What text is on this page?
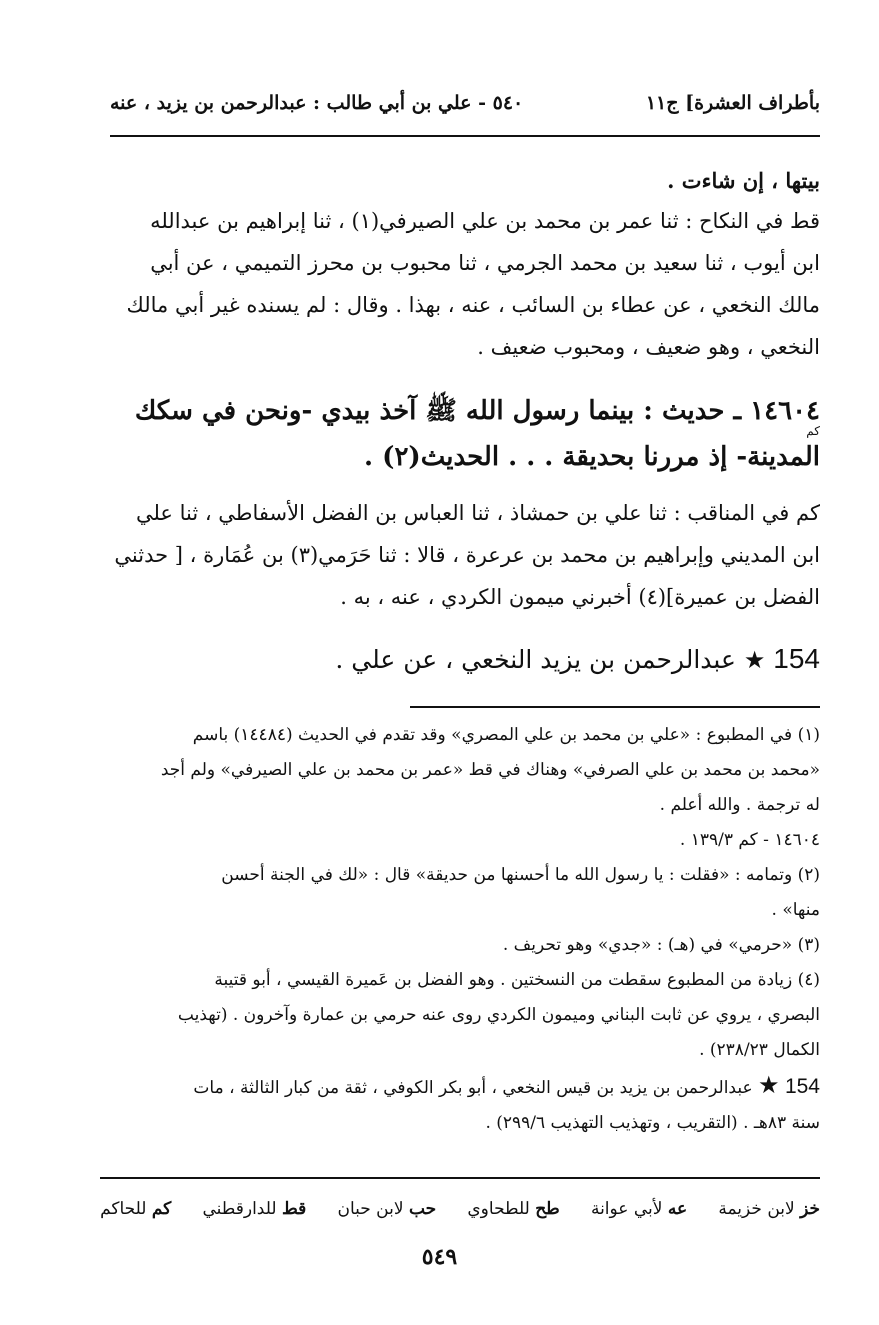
بأطراف العشرة] ج١١
٥٤٠ - علي بن أبي طالب : عبدالرحمن بن يزيد ، عنه
بيتها ، إن شاءت .
قط في النكاح : ثنا عمر بن محمد بن علي الصيرفي(١) ، ثنا إبراهيم بن عبدالله
ابن أيوب ، ثنا سعيد بن محمد الجرمي ، ثنا محبوب بن محرز التميمي ، عن أبي
مالك النخعي ، عن عطاء بن السائب ، عنه ، بهذا . وقال : لم يسنده غير أبي مالك
النخعي ، وهو ضعيف ، ومحبوب ضعيف .
١٤٦٠٤ ـ حديث : بينما رسول الله ﷺ آخذ بيدي -ونحن في سكك
كم
المدينة- إذ مررنا بحديقة . . . الحديث(٢) .
كم في المناقب : ثنا علي بن حمشاذ ، ثنا العباس بن الفضل الأسفاطي ، ثنا علي
ابن المديني وإبراهيم بن محمد بن عرعرة ، قالا : ثنا حَرَمي(٣) بن عُمَارة ، [ حدثني
الفضل بن عميرة](٤) أخبرني ميمون الكردي ، عنه ، به .
154 ★ عبدالرحمن بن يزيد النخعي ، عن علي .
(١) في المطبوع : «علي بن محمد بن علي المصري» وقد تقدم في الحديث (١٤٤٨٤) باسم
«محمد بن محمد بن علي الصرفي» وهناك في قط «عمر بن محمد بن علي الصيرفي» ولم أجد
له ترجمة . والله أعلم .
١٤٦٠٤ - كم ١٣٩/٣ .
(٢) وتمامه : «فقلت : يا رسول الله ما أحسنها من حديقة» قال : «لك في الجنة أحسن
منها» .
(٣) «حرمي» في (هـ) : «جدي» وهو تحريف .
(٤) زيادة من المطبوع سقطت من النسختين . وهو الفضل بن عَميرة القيسي ، أبو قتيبة
البصري ، يروي عن ثابت البناني وميمون الكردي روى عنه حرمي بن عمارة وآخرون . (تهذيب
الكمال ٢٣٨/٢٣) .
154 ★ عبدالرحمن بن يزيد بن قيس النخعي ، أبو بكر الكوفي ، ثقة من كبار الثالثة ، مات
سنة ٨٣هـ . (التقريب ، وتهذيب التهذيب ٢٩٩/٦) .
خز لابن خزيمة
عه لأبي عوانة
طح للطحاوي
حب لابن حبان
قط للدارقطني
كم للحاكم
٥٤٩
